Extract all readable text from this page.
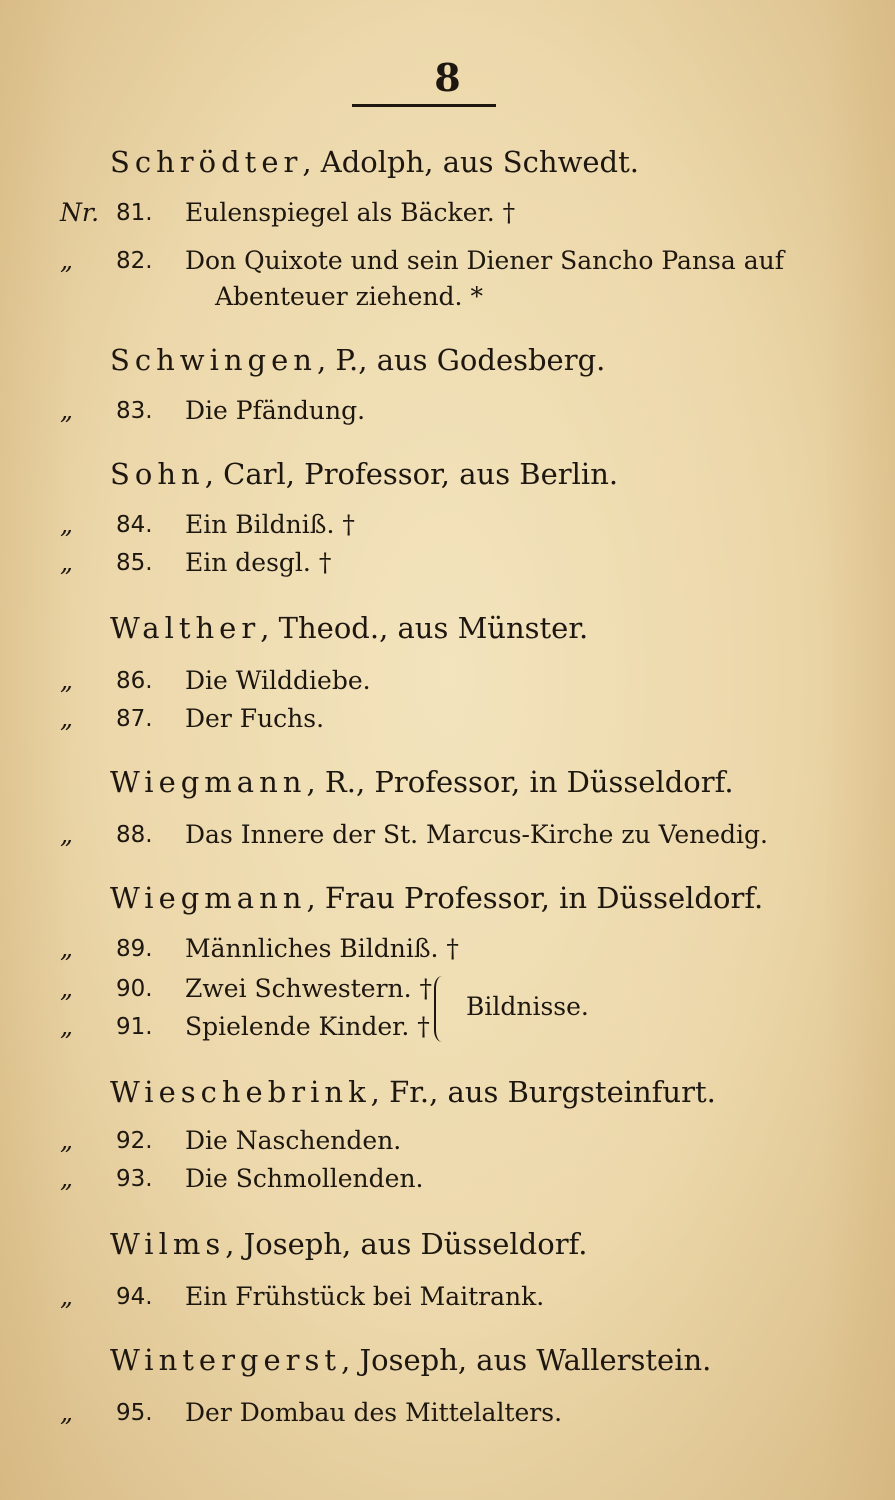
8
Schrödter, Adolph, aus Schwedt.
Nr. 81.	Eulenspiegel als Bäcker. †
„	82.	Don Quixote und sein Diener Sancho Pansa auf
Abenteuer ziehend. *
Schwingen, P., aus Godesberg.
„	83.	Die Pfändung.
Sohn, Carl, Professor, aus Berlin.
„	84.	Ein Bildniß. †
„	85.	Ein desgl. †
Walther, Theod., aus Münster.
„	86.	Die Wilddiebe.
„	87.	Der Fuchs.
Wiegmann, R., Professor, in Düsseldorf.
„	88.	Das Innere der St. Marcus-Kirche zu Venedig.
Wiegmann, Frau Professor, in Düsseldorf.
„	89.	Männliches Bildniß. †
„	90.	Zwei Schwestern. †
„	91.	Spielende Kinder. †
Bildnisse.
Wieschebrink, Fr., aus Burgsteinfurt.
„	92.	Die Naschenden.
„	93.	Die Schmollenden.
Wilms, Joseph, aus Düsseldorf.
„	94.	Ein Frühstück bei Maitrank.
Wintergerst, Joseph, aus Wallerstein.
„	95.	Der Dombau des Mittelalters.
